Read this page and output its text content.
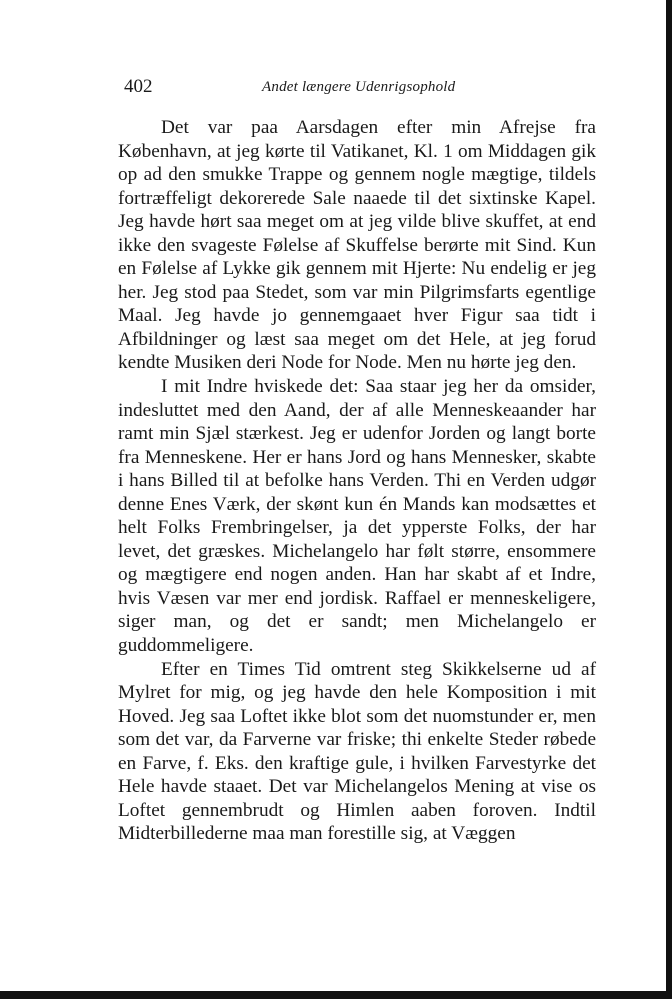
402	Andet længere Udenrigsophold

Det var paa Aarsdagen efter min Afrejse fra København, at jeg kørte til Vatikanet, Kl. 1 om Middagen gik op ad den smukke Trappe og gennem nogle mægtige, tildels fortræffeligt dekorerede Sale naaede til det sixtinske Kapel. Jeg havde hørt saa meget om at jeg vilde blive skuffet, at end ikke den svageste Følelse af Skuffelse berørte mit Sind. Kun en Følelse af Lykke gik gennem mit Hjerte: Nu endelig er jeg her. Jeg stod paa Stedet, som var min Pilgrimsfarts egentlige Maal. Jeg havde jo gennemgaaet hver Figur saa tidt i Afbildninger og læst saa meget om det Hele, at jeg forud kendte Musiken deri Node for Node. Men nu hørte jeg den.

I mit Indre hviskede det: Saa staar jeg her da omsider, indesluttet med den Aand, der af alle Menneskeaander har ramt min Sjæl stærkest. Jeg er udenfor Jorden og langt borte fra Menneskene. Her er hans Jord og hans Mennesker, skabte i hans Billed til at befolke hans Verden. Thi en Verden udgør denne Enes Værk, der skønt kun én Mands kan modsættes et helt Folks Frembringelser, ja det ypperste Folks, der har levet, det græskes. Michelangelo har følt større, ensommere og mægtigere end nogen anden. Han har skabt af et Indre, hvis Væsen var mer end jordisk. Raffael er menneskeligere, siger man, og det er sandt; men Michelangelo er guddommeligere.

Efter en Times Tid omtrent steg Skikkelserne ud af Mylret for mig, og jeg havde den hele Komposition i mit Hoved. Jeg saa Loftet ikke blot som det nuomstunder er, men som det var, da Farverne var friske; thi enkelte Steder røbede en Farve, f. Eks. den kraftige gule, i hvilken Farvestyrke det Hele havde staaet. Det var Michelangelos Mening at vise os Loftet gennembrudt og Himlen aaben foroven. Indtil Midterbillederne maa man forestille sig, at Væggen
